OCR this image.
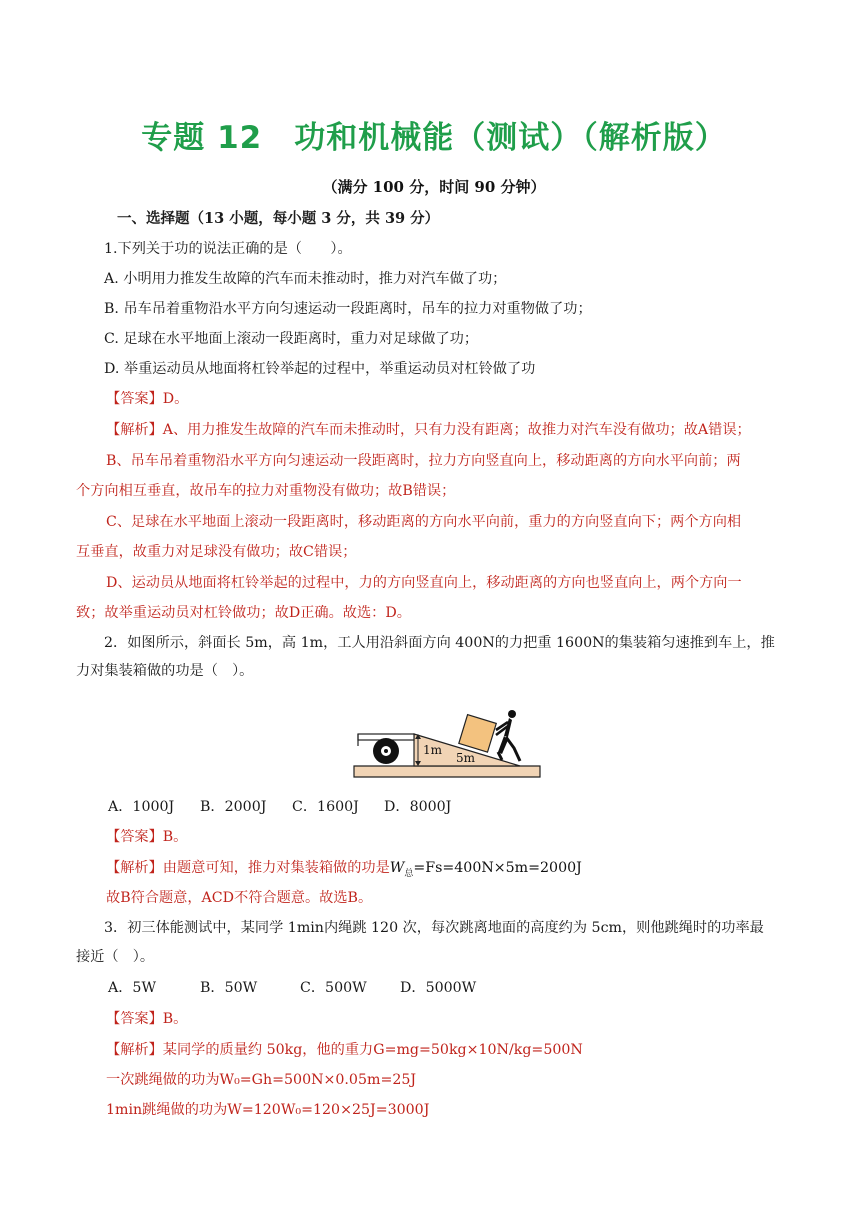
专题 12　功和机械能（测试）（解析版）
（满分 100 分，时间 90 分钟）
一、选择题（13 小题，每小题 3 分，共 39 分）
1.下列关于功的说法正确的是（　　）。
A. 小明用力推发生故障的汽车而未推动时，推力对汽车做了功；
B. 吊车吊着重物沿水平方向匀速运动一段距离时，吊车的拉力对重物做了功；
C. 足球在水平地面上滚动一段距离时，重力对足球做了功；
D. 举重运动员从地面将杠铃举起的过程中，举重运动员对杠铃做了功
【答案】D。
【解析】A、用力推发生故障的汽车而未推动时，只有力没有距离；故推力对汽车没有做功；故A错误；
B、吊车吊着重物沿水平方向匀速运动一段距离时，拉力方向竖直向上，移动距离的方向水平向前；两
个方向相互垂直，故吊车的拉力对重物没有做功；故B错误；
C、足球在水平地面上滚动一段距离时，移动距离的方向水平向前，重力的方向竖直向下；两个方向相
互垂直，故重力对足球没有做功；故C错误；
D、运动员从地面将杠铃举起的过程中，力的方向竖直向上，移动距离的方向也竖直向上，两个方向一
致；故举重运动员对杠铃做功；故D正确。故选：D。
2．如图所示，斜面长 5m，高 1m，工人用沿斜面方向 400N的力把重 1600N的集装箱匀速推到车上，推
力对集装箱做的功是（　）。
1m
5m
A．1000J B．2000J C．1600J D．8000J
【答案】B。
【解析】由题意可知，推力对集装箱做的功是$W_总=Fs=400N\times 5m=2000J$
故B符合题意，ACD不符合题意。故选B。
3．初三体能测试中，某同学 1min内绳跳 120 次，每次跳离地面的高度约为 5cm，则他跳绳时的功率最
接近（　）。
A．5W	B．50W	C．500W D．5000W
【答案】B。
【解析】某同学的质量约 50kg，他的重力G=mg=50kg×10N/kg=500N
一次跳绳做的功为W₀=Gh=500N×0.05m=25J
1min跳绳做的功为W=120W₀=120×25J=3000J
